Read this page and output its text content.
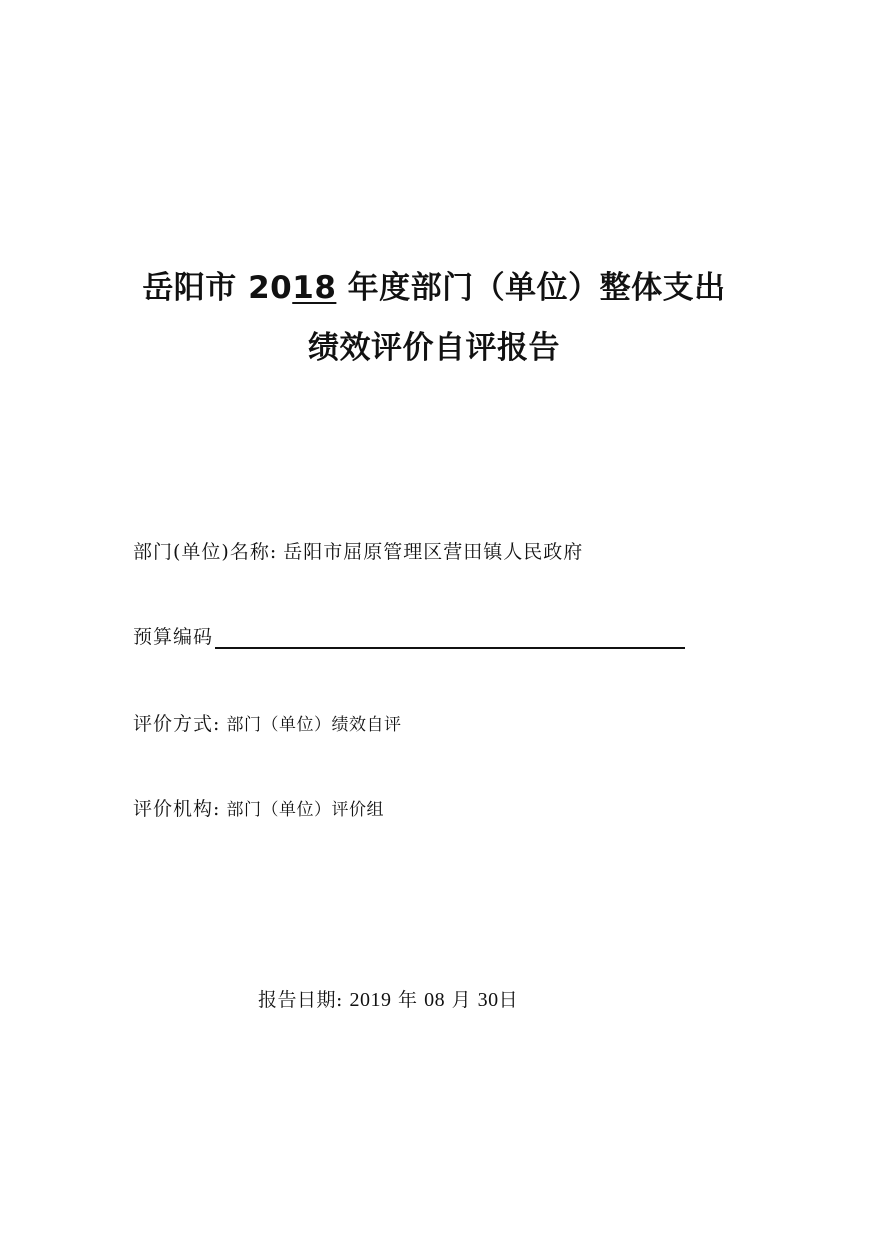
岳阳市 2018 年度部门（单位）整体支出
绩效评价自评报告
部门(单位)名称: 岳阳市屈原管理区营田镇人民政府
预算编码
评价方式: 部门（单位）绩效自评
评价机构: 部门（单位）评价组
报告日期: 2019 年 08 月 30日
